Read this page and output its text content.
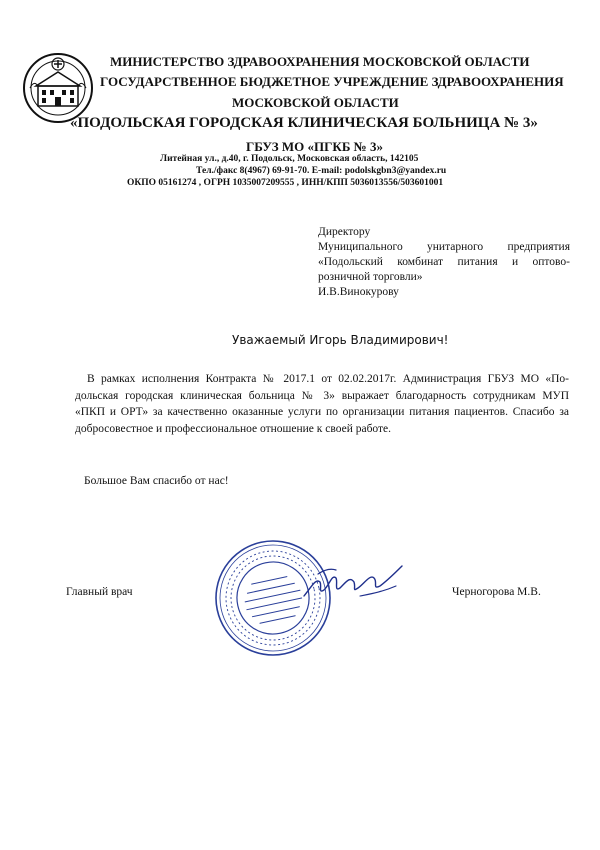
МИНИСТЕРСТВО ЗДРАВООХРАНЕНИЯ МОСКОВСКОЙ ОБЛАСТИ
ГОСУДАРСТВЕННОЕ БЮДЖЕТНОЕ УЧРЕЖДЕНИЕ ЗДРАВООХРАНЕНИЯ
МОСКОВСКОЙ ОБЛАСТИ
«ПОДОЛЬСКАЯ ГОРОДСКАЯ КЛИНИЧЕСКАЯ БОЛЬНИЦА № 3»
ГБУЗ МО «ПГКБ № 3»
Литейная ул., д.40, г. Подольск, Московская область, 142105
Тел./факс 8(4967) 69-91-70. E-mail: podolskgbn3@yandex.ru
ОКПО 05161274 , ОГРН 1035007209555 , ИНН/КПП 5036013556/503601001
Директору
Муниципального унитарного предприятия
«Подольский комбинат питания и оптово-
розничной торговли»
И.В.Винокурову
Уважаемый Игорь Владимирович!
В рамках исполнения Контракта № 2017.1 от 02.02.2017г. Администрация ГБУЗ МО «По-
дольская городская клиническая больница № 3» выражает благодарность сотрудникам МУП
«ПКП и ОРТ» за качественно оказанные услуги по организации питания пациентов. Спасибо за
добросовестное и профессиональное отношение к своей работе.
Большое Вам спасибо от нас!
Главный врач	Черногорова М.В.
